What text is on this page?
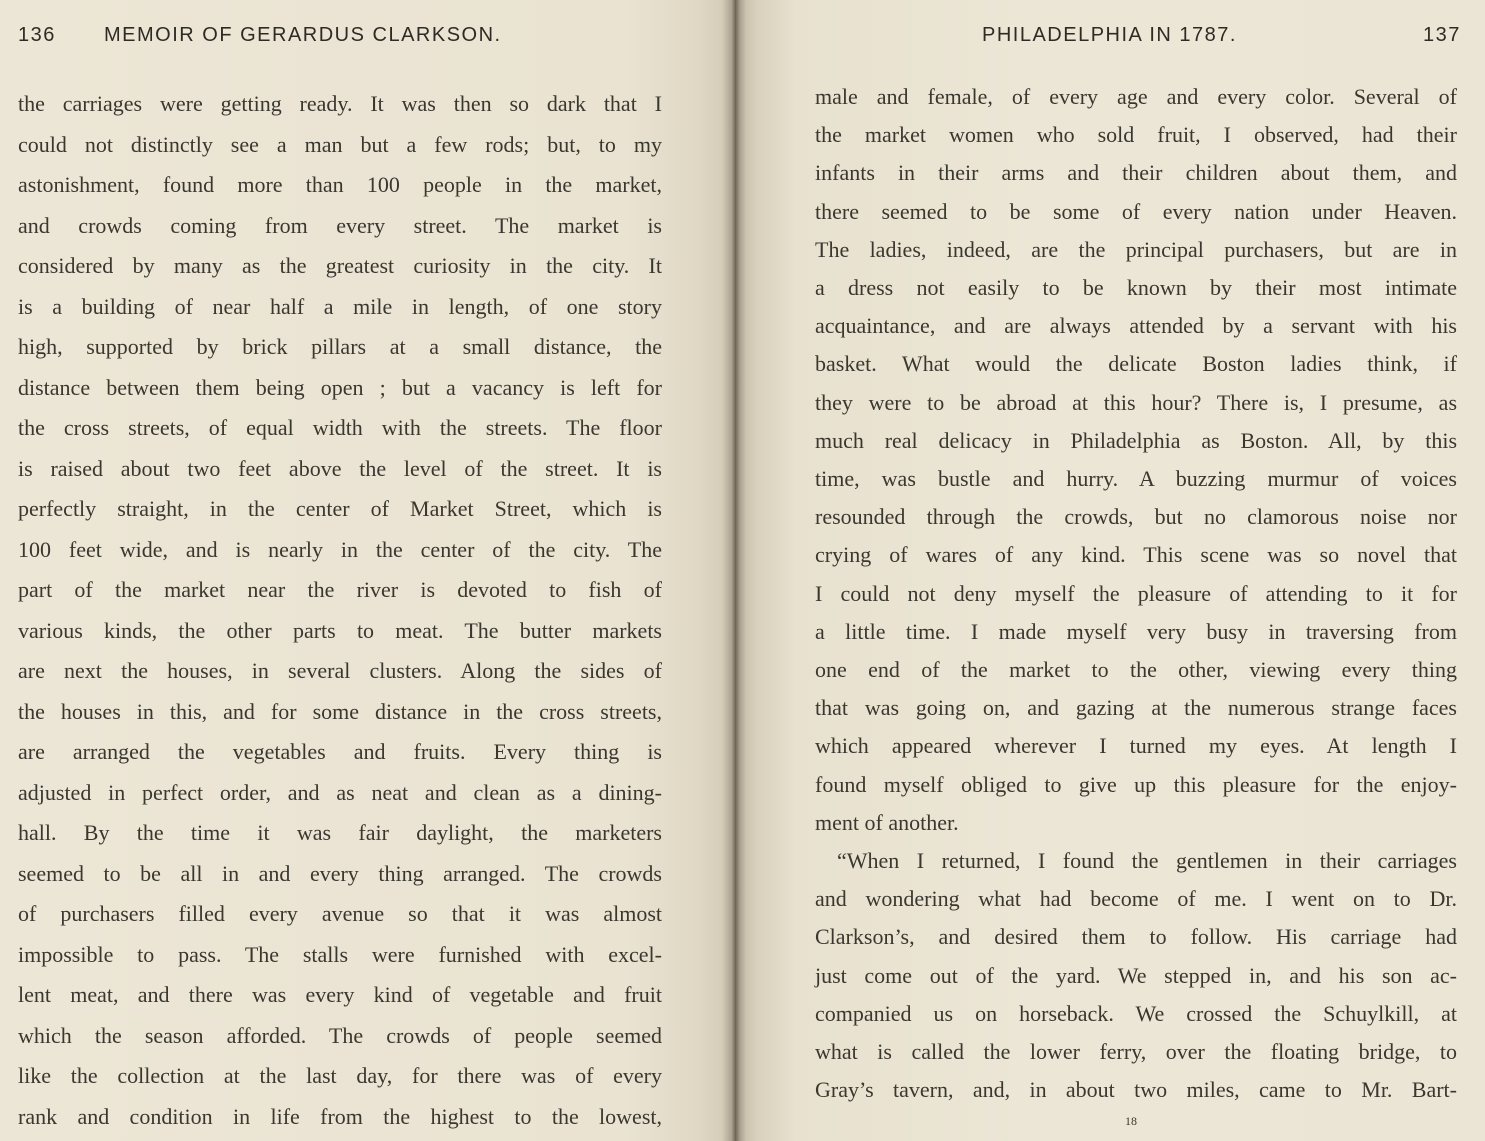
136 MEMOIR OF GERARDUS CLARKSON.
the carriages were getting ready. It was then so dark that I
could not distinctly see a man but a few rods; but, to my
astonishment, found more than 100 people in the market,
and crowds coming from every street. The market is
considered by many as the greatest curiosity in the city. It
is a building of near half a mile in length, of one story
high, supported by brick pillars at a small distance, the
distance between them being open ; but a vacancy is left for
the cross streets, of equal width with the streets. The floor
is raised about two feet above the level of the street. It is
perfectly straight, in the center of Market Street, which is
100 feet wide, and is nearly in the center of the city. The
part of the market near the river is devoted to fish of
various kinds, the other parts to meat. The butter markets
are next the houses, in several clusters. Along the sides of
the houses in this, and for some distance in the cross streets,
are arranged the vegetables and fruits. Every thing is
adjusted in perfect order, and as neat and clean as a dining-
hall. By the time it was fair daylight, the marketers
seemed to be all in and every thing arranged. The crowds
of purchasers filled every avenue so that it was almost
impossible to pass. The stalls were furnished with excel-
lent meat, and there was every kind of vegetable and fruit
which the season afforded. The crowds of people seemed
like the collection at the last day, for there was of every
rank and condition in life from the highest to the lowest,
PHILADELPHIA IN 1787.	137
male and female, of every age and every color. Several of
the market women who sold fruit, I observed, had their
infants in their arms and their children about them, and
there seemed to be some of every nation under Heaven.
The ladies, indeed, are the principal purchasers, but are in
a dress not easily to be known by their most intimate
acquaintance, and are always attended by a servant with his
basket. What would the delicate Boston ladies think, if
they were to be abroad at this hour? There is, I presume, as
much real delicacy in Philadelphia as Boston. All, by this
time, was bustle and hurry. A buzzing murmur of voices
resounded through the crowds, but no clamorous noise nor
crying of wares of any kind. This scene was so novel that
I could not deny myself the pleasure of attending to it for
a little time. I made myself very busy in traversing from
one end of the market to the other, viewing every thing
that was going on, and gazing at the numerous strange faces
which appeared wherever I turned my eyes. At length I
found myself obliged to give up this pleasure for the enjoy-
ment of another.
“When I returned, I found the gentlemen in their carriages
and wondering what had become of me. I went on to Dr.
Clarkson’s, and desired them to follow. His carriage had
just come out of the yard. We stepped in, and his son ac-
companied us on horseback. We crossed the Schuylkill, at
what is called the lower ferry, over the floating bridge, to
Gray’s tavern, and, in about two miles, came to Mr. Bart-
18
